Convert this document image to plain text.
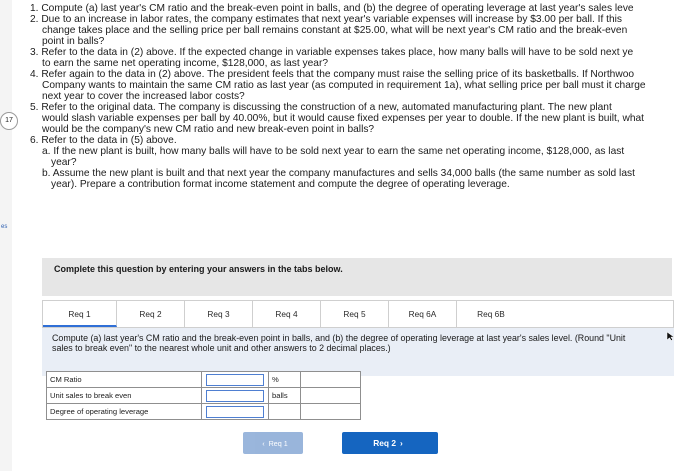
17
es

1. Compute (a) last year's CM ratio and the break-even point in balls, and (b) the degree of operating leverage at last year's sales leve

2. Due to an increase in labor rates, the company estimates that next year's variable expenses will increase by $3.00 per ball. If this

change takes place and the selling price per ball remains constant at $25.00, what will be next year's CM ratio and the break-even

point in balls?

3. Refer to the data in (2) above. If the expected change in variable expenses takes place, how many balls will have to be sold next ye

to earn the same net operating income, $128,000, as last year?

4. Refer again to the data in (2) above. The president feels that the company must raise the selling price of its basketballs. If Northwoo

Company wants to maintain the same CM ratio as last year (as computed in requirement 1a), what selling price per ball must it charge

next year to cover the increased labor costs?

5. Refer to the original data. The company is discussing the construction of a new, automated manufacturing plant. The new plant

would slash variable expenses per ball by 40.00%, but it would cause fixed expenses per year to double. If the new plant is built, what

would be the company's new CM ratio and new break-even point in balls?

6. Refer to the data in (5) above.

a. If the new plant is built, how many balls will have to be sold next year to earn the same net operating income, $128,000, as last

year?

b. Assume the new plant is built and that next year the company manufactures and sells 34,000 balls (the same number as sold last

year). Prepare a contribution format income statement and compute the degree of operating leverage.

Complete this question by entering your answers in the tabs below.
Req 1	Req 2	Req 3	Req 4	Req 5	Req 6A	Req 6B
Compute (a) last year's CM ratio and the break-even point in balls, and (b) the degree of operating leverage at last year's sales level. (Round "Unit sales to break even" to the nearest whole unit and other answers to 2 decimal places.)
CM Ratio		%	
Unit sales to break even		balls	
Degree of operating leverage			
‹ Req 1	Req 2 ›
